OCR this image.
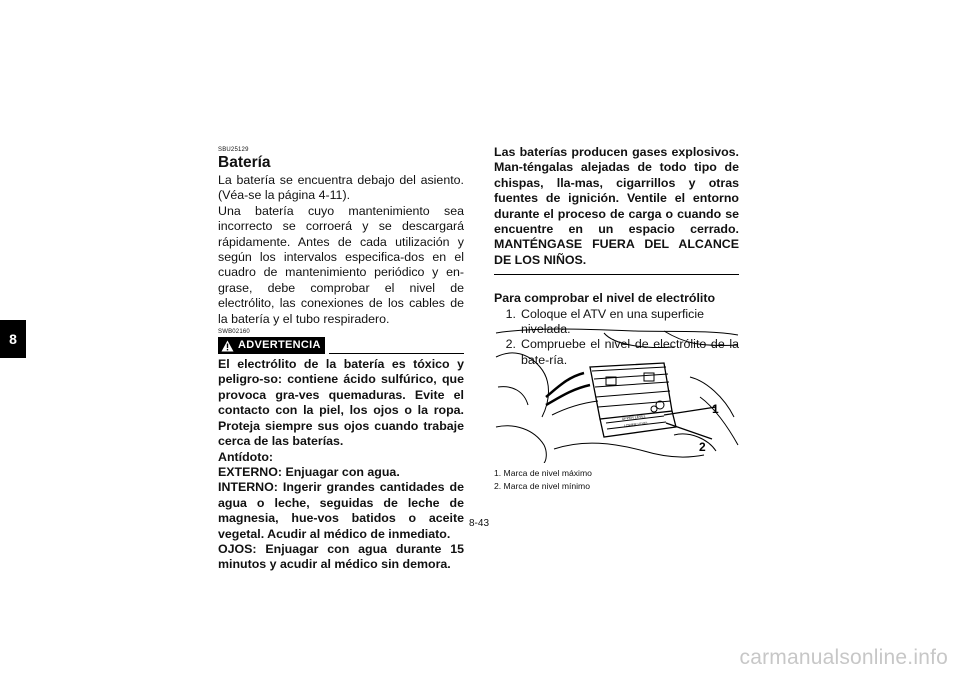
8
SBU25129
Batería
La batería se encuentra debajo del asiento. (Véa-se la página 4-11).
Una batería cuyo mantenimiento sea incorrecto se corroerá y se descargará rápidamente. Antes de cada utilización y según los intervalos especifica-dos en el cuadro de mantenimiento periódico y en-grase, debe comprobar el nivel de electrólito, las conexiones de los cables de la batería y el tubo respiradero.
SWB02160
ADVERTENCIA
El electrólito de la batería es tóxico y peligro-so: contiene ácido sulfúrico, que provoca gra-ves quemaduras. Evite el contacto con la piel, los ojos o la ropa. Proteja siempre sus ojos cuando trabaje cerca de las baterías.
Antídoto:
EXTERNO: Enjuagar con agua.
INTERNO: Ingerir grandes cantidades de agua o leche, seguidas de leche de magnesia, hue-vos batidos o aceite vegetal. Acudir al médico de inmediato.
OJOS: Enjuagar con agua durante 15 minutos y acudir al médico sin demora.
Las baterías producen gases explosivos. Man-téngalas alejadas de todo tipo de chispas, lla-mas, cigarrillos y otras fuentes de ignición. Ventile el entorno durante el proceso de carga o cuando se encuentre en un espacio cerrado. MANTÉNGASE FUERA DEL ALCANCE DE LOS NIÑOS.
Para comprobar el nivel de electrólito
1. Coloque el ATV en una superficie nivelada.
2. Compruebe el nivel de electrólito de la bate-ría.
UPPER LEVEL
LOWER LEVEL
1
2
1. Marca de nivel máximo
2. Marca de nivel mínimo
8-43
carmanualsonline.info
